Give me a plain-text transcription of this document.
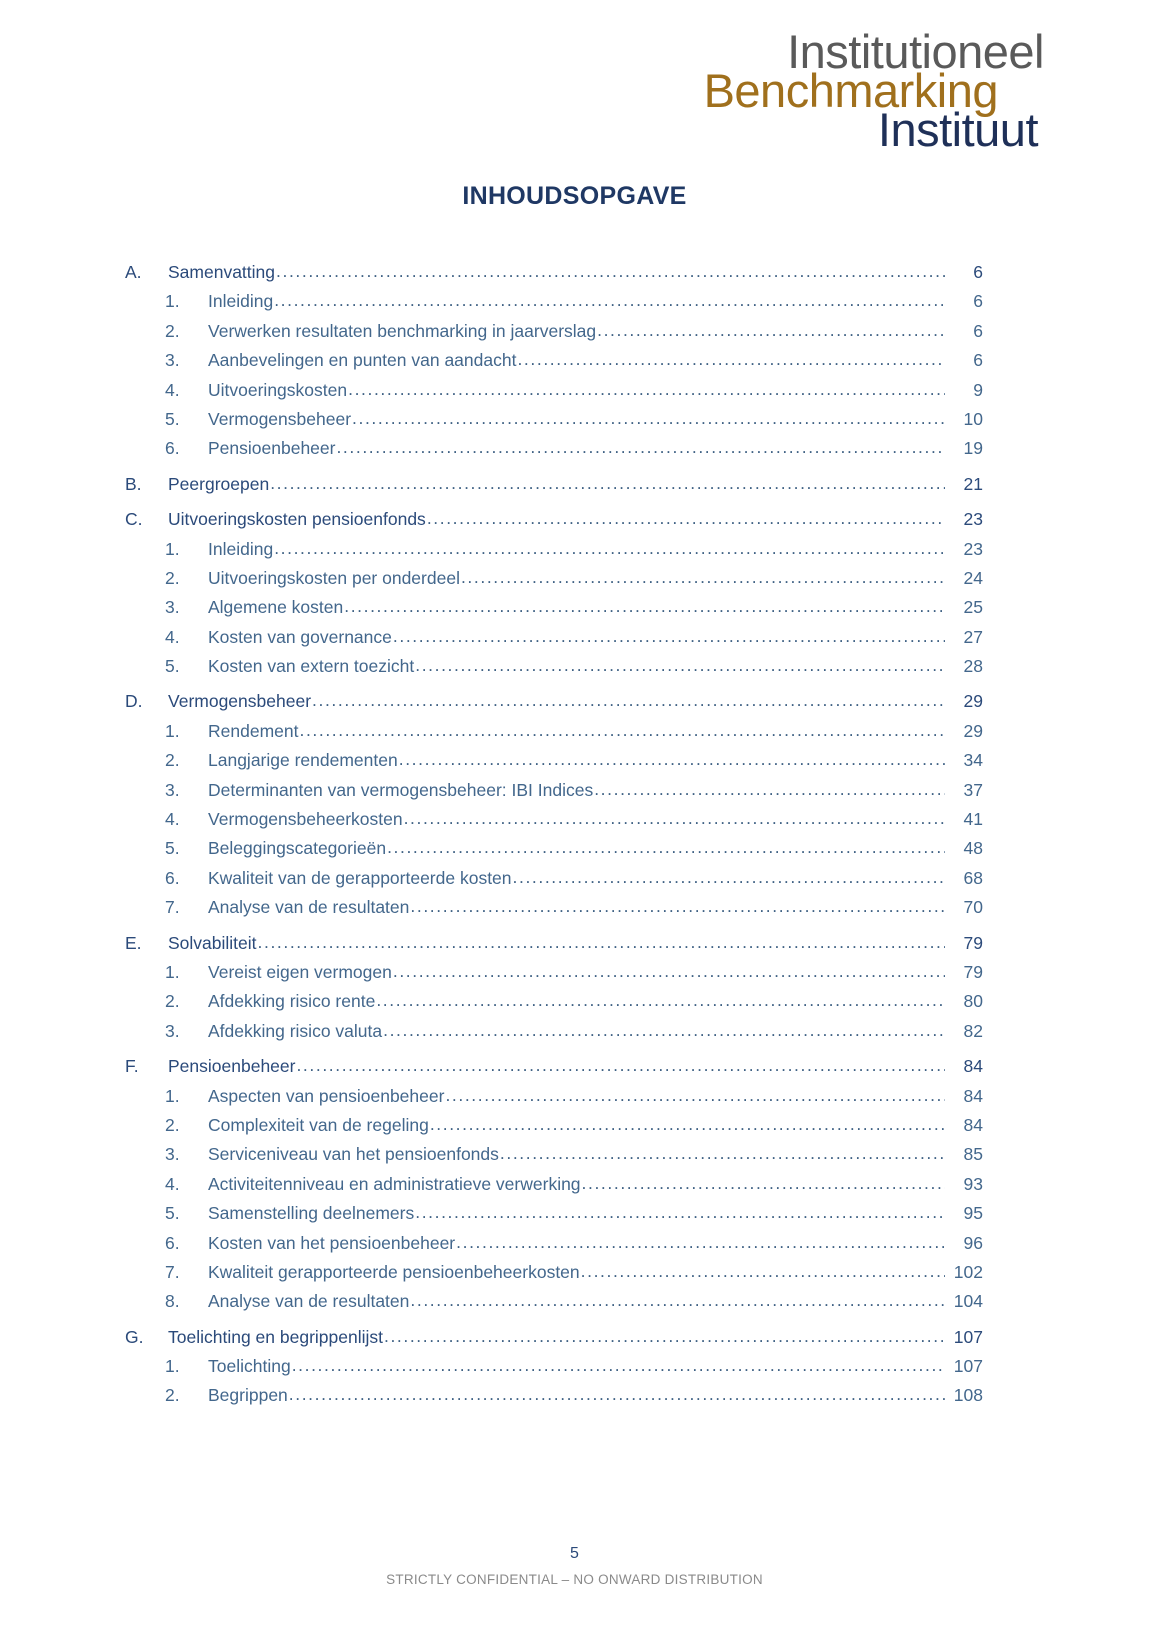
Institutioneel
Benchmarking
Instituut
INHOUDSOPGAVE
A.	Samenvatting .....	6
1.	Inleiding .....	6
2.	Verwerken resultaten benchmarking in jaarverslag .....	6
3.	Aanbevelingen en punten van aandacht .....	6
4.	Uitvoeringskosten .....	9
5.	Vermogensbeheer .....	10
6.	Pensioenbeheer .....	19
B.	Peergroepen .....	21
C.	Uitvoeringskosten pensioenfonds .....	23
1.	Inleiding .....	23
2.	Uitvoeringskosten per onderdeel .....	24
3.	Algemene kosten .....	25
4.	Kosten van governance .....	27
5.	Kosten van extern toezicht .....	28
D.	Vermogensbeheer .....	29
1.	Rendement .....	29
2.	Langjarige rendementen .....	34
3.	Determinanten van vermogensbeheer: IBI Indices .....	37
4.	Vermogensbeheerkosten .....	41
5.	Beleggingscategorieën .....	48
6.	Kwaliteit van de gerapporteerde kosten .....	68
7.	Analyse van de resultaten .....	70
E.	Solvabiliteit .....	79
1.	Vereist eigen vermogen .....	79
2.	Afdekking risico rente .....	80
3.	Afdekking risico valuta .....	82
F.	Pensioenbeheer .....	84
1.	Aspecten van pensioenbeheer .....	84
2.	Complexiteit van de regeling .....	84
3.	Serviceniveau van het pensioenfonds .....	85
4.	Activiteitenniveau en administratieve verwerking .....	93
5.	Samenstelling deelnemers .....	95
6.	Kosten van het pensioenbeheer .....	96
7.	Kwaliteit gerapporteerde pensioenbeheerkosten .....	102
8.	Analyse van de resultaten .....	104
G.	Toelichting en begrippenlijst .....	107
1.	Toelichting .....	107
2.	Begrippen .....	108
5
STRICTLY CONFIDENTIAL – NO ONWARD DISTRIBUTION
